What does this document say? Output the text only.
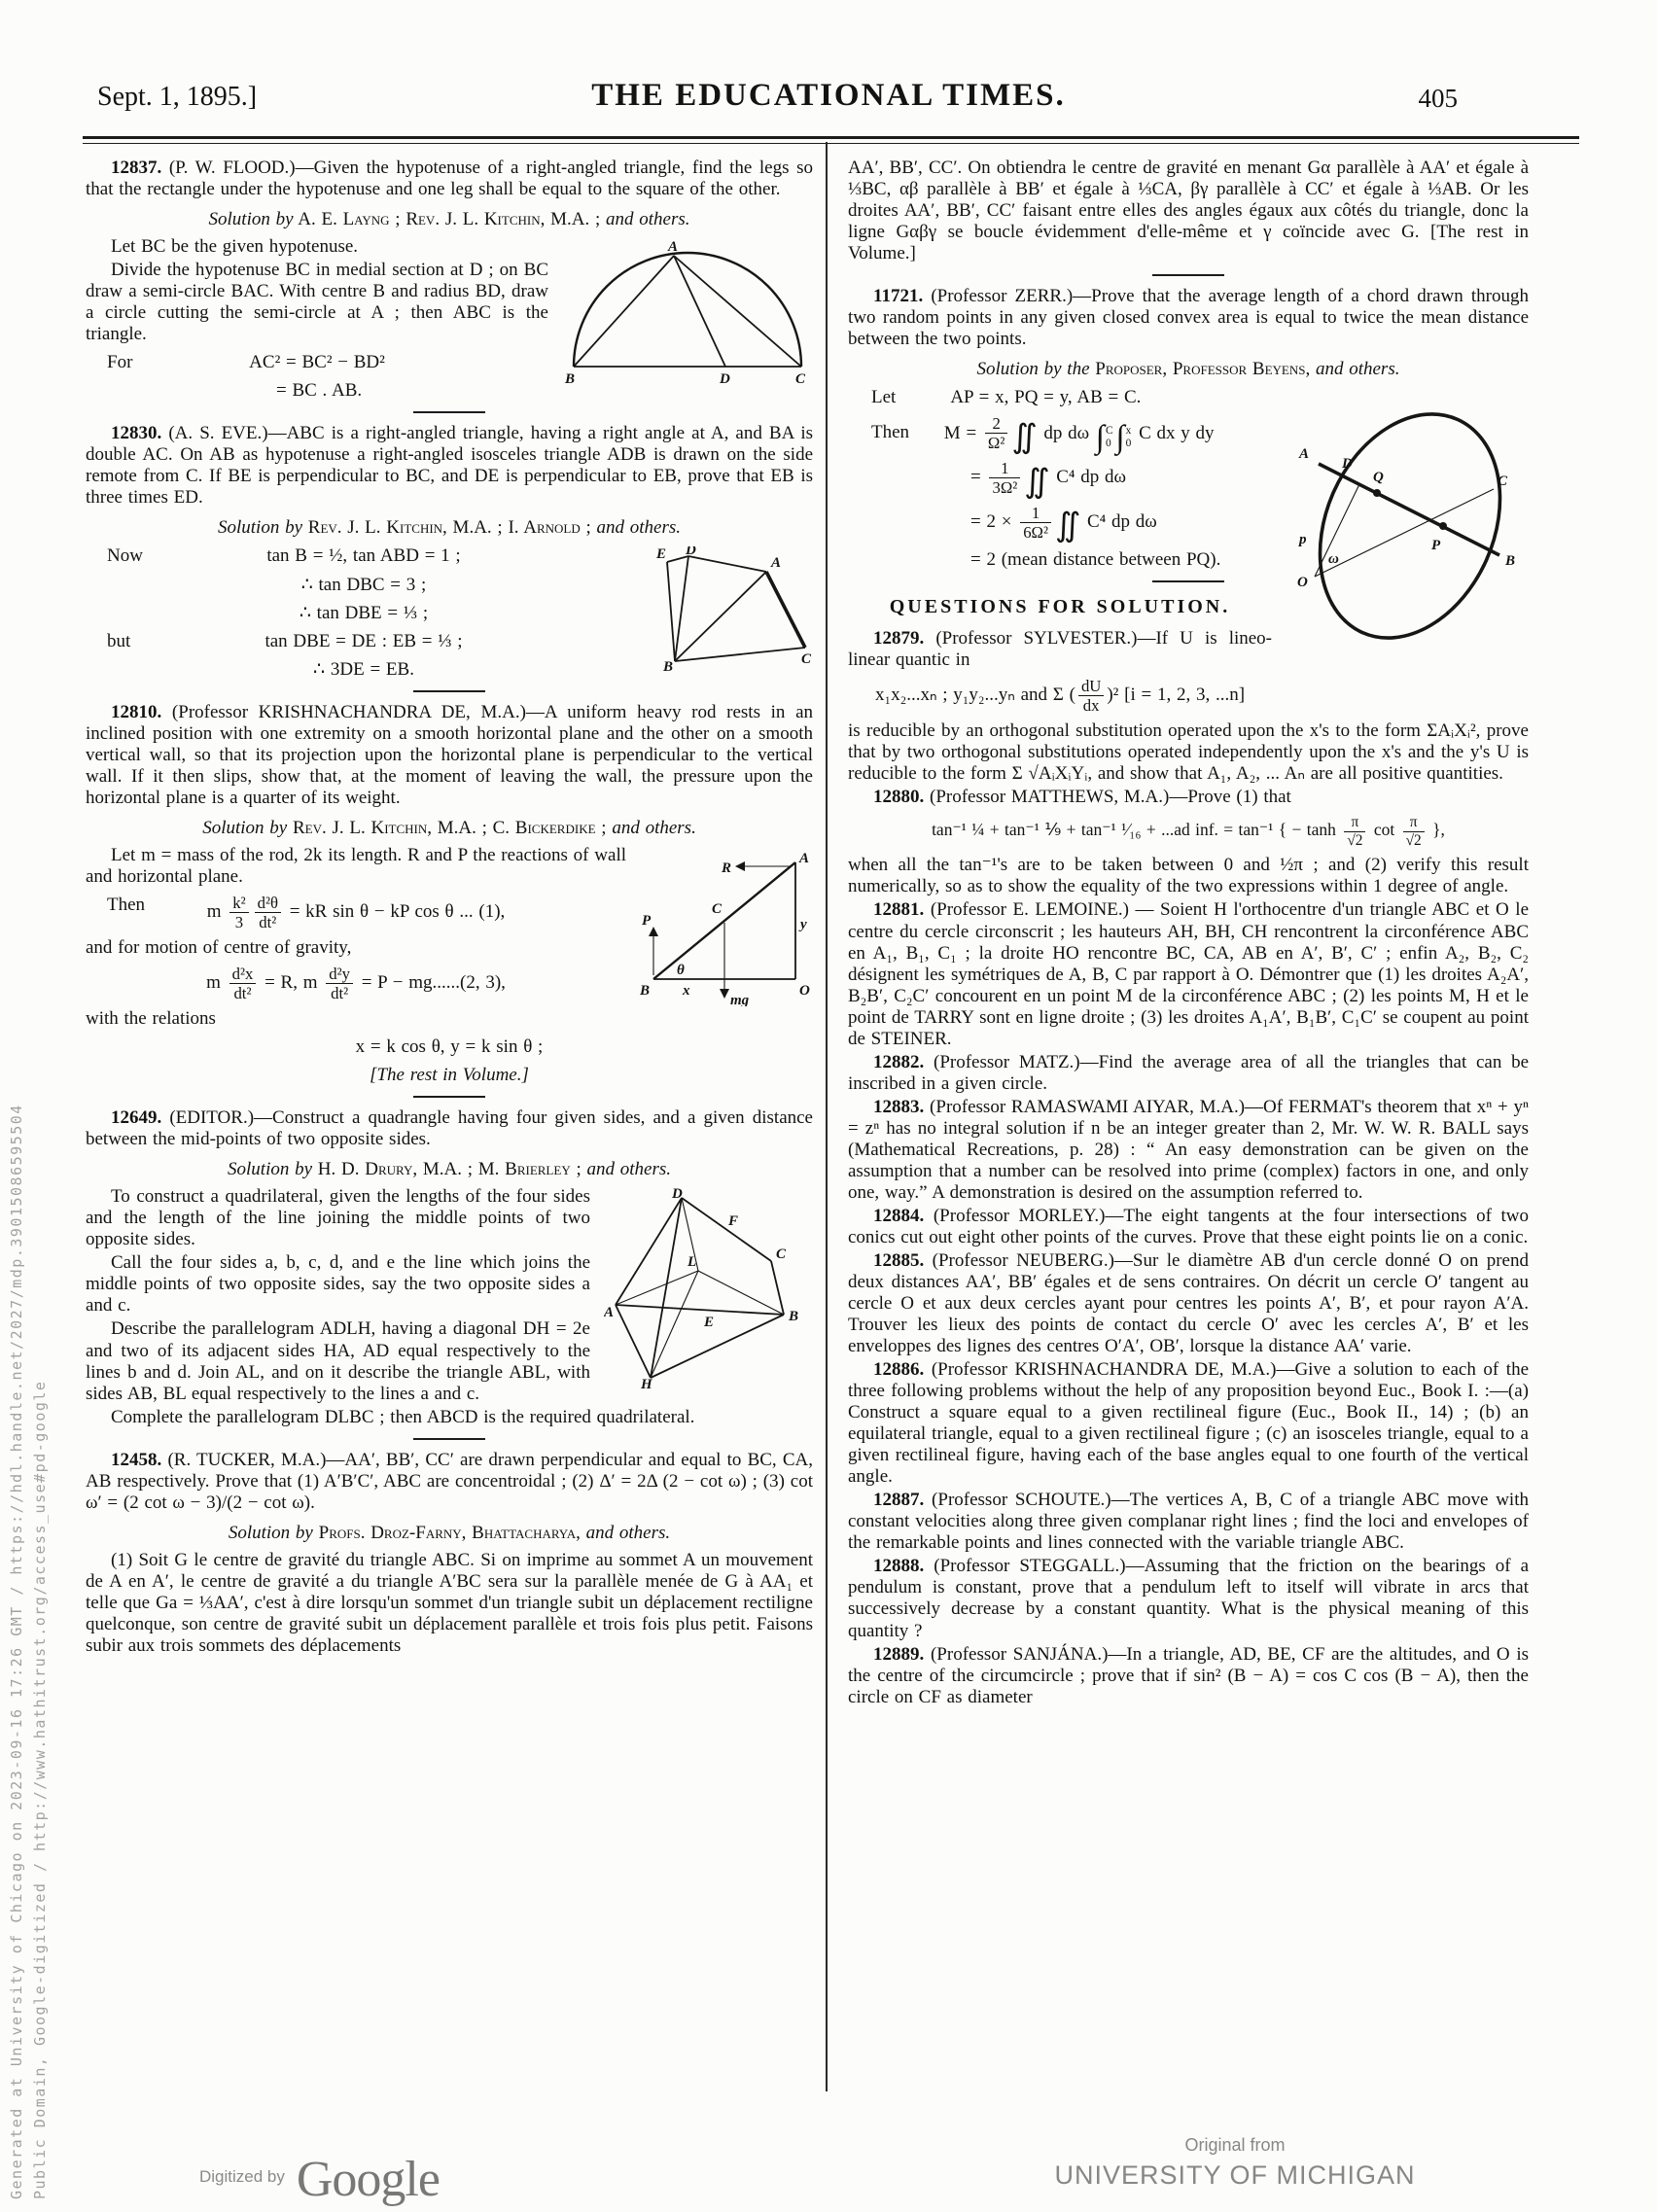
Generated at University of Chicago on 2023-09-16 17:26 GMT / https://hdl.handle.net/2027/mdp.39015086595504 Public Domain, Google-digitized / http://www.hathitrust.org/access_use#pd-google
Sept. 1, 1895.]	THE EDUCATIONAL TIMES.	405

12837. (P. W. FLOOD.)—Given the hypotenuse of a right-angled triangle, find the legs so that the rectangle under the hypotenuse and one leg shall be equal to the square of the other.

Solution by A. E. Layng ; Rev. J. L. Kitchin, M.A. ; and others.

A
B	D	C

Let BC be the given hypotenuse.

Divide the hypotenuse BC in medial section at D ; on BC draw a semi-circle BAC. With centre B and radius BD, draw a circle cutting the semi-circle at A ; then ABC is the triangle.

For	AC² = BC² − BD²
= BC . AB.

12830. (A. S. EVE.)—ABC is a right-angled triangle, having a right angle at A, and BA is double AC. On AB as hypotenuse a right-angled isosceles triangle ADB is drawn on the side remote from C. If BE is perpendicular to BC, and DE is perpendicular to EB, prove that EB is three times ED.

Solution by Rev. J. L. Kitchin, M.A. ; I. Arnold ; and others.

E D
A
B	C
Now	tan B = ½, tan ABD = 1 ;
∴ tan DBC = 3 ;
∴ tan DBE = ⅓ ;
but	tan DBE = DE : EB = ⅓ ;
∴ 3DE = EB.

12810. (Professor KRISHNACHANDRA DE, M.A.)—A uniform heavy rod rests in an inclined position with one extremity on a smooth horizontal plane and the other on a smooth vertical wall, so that its projection upon the horizontal plane is perpendicular to the vertical wall. If it then slips, show that, at the moment of leaving the wall, the pressure upon the horizontal plane is a quarter of its weight.

Solution by Rev. J. L. Kitchin, M.A. ; C. Bickerdike ; and others.

R
A
P
C
y
θ
B x
mg
O

Let m = mass of the rod, 2k its length. R and P the reactions of wall and horizontal plane.

Then	m $\frac{\text{k²}}{3} \frac{\text{d²θ}}{\text{dt²}}$ = kR sin θ − kP cos θ ... (1),

and for motion of centre of gravity,

m $\frac{\text{d²x}}{\text{dt²}} = R$, m $\frac{\text{d²y}}{\text{dt²}} = P - mg......(2$, 3),

with the relations

x = k cos θ, y = k sin θ ;

[The rest in Volume.]

12649. (EDITOR.)—Construct a quadrangle having four given sides, and a given distance between the mid-points of two opposite sides.

Solution by H. D. Drury, M.A. ; M. Brierley ; and others.

D
F
C
L
A
E	B
H

To construct a quadrilateral, given the lengths of the four sides and the length of the line joining the middle points of two opposite sides.

Call the four sides a, b, c, d, and e the line which joins the middle points of two opposite sides, say the two opposite sides a and c.

Describe the parallelogram ADLH, having a diagonal DH = 2e and two of its adjacent sides HA, AD equal respectively to the lines b and d. Join AL, and on it describe the triangle ABL, with sides AB, BL equal respectively to the lines a and c.

Complete the parallelogram DLBC ; then ABCD is the required quadrilateral.

12458. (R. TUCKER, M.A.)—AA′, BB′, CC′ are drawn perpendicular and equal to BC, CA, AB respectively. Prove that (1) A′B′C′, ABC are concentroidal ; (2) Δ′ = 2Δ (2 − cot ω) ; (3) cot ω′ = (2 cot ω − 3)/(2 − cot ω).

Solution by Profs. Droz-Farny, Bhattacharya, and others.

(1) Soit G le centre de gravité du triangle ABC. Si on imprime au sommet A un mouvement de A en A′, le centre de gravité a du triangle A′BC sera sur la parallèle menée de G à AA₁ et telle que Ga = ⅓AA′, c'est à dire lorsqu'un sommet d'un triangle subit un déplacement rectiligne quelconque, son centre de gravité subit un déplacement parallèle et trois fois plus petit. Faisons subir aux trois sommets des déplacements

AA′, BB′, CC′. On obtiendra le centre de gravité en menant Gα parallèle à AA′ et égale à ⅓BC, αβ parallèle à BB′ et égale à ⅓CA, βγ parallèle à CC′ et égale à ⅓AB. Or les droites AA′, BB′, CC′ faisant entre elles des angles égaux aux côtés du triangle, donc la ligne Gαβγ se boucle évidemment d'elle-même et γ coïncide avec G. [The rest in Volume.]

11721. (Professor ZERR.)—Prove that the average length of a chord drawn through two random points in any given closed convex area is equal to twice the mean distance between the two points.

Solution by the Proposer, Professor Beyens, and others.

A
D
Q	C
p
ω
O
P
B
Let	AP = x, PQ = y, AB = C.
Then $M = \frac{2}{\text{Ω²}}$ ∬ dp dω ∫ C
0 ∫ x
0
C dx y dy
= $\frac{1}{\text{3Ω²}}$ ∬ C⁴ dp dω
= $2 \times \frac{1}{\text{6Ω²}}$ ∬ C⁴ dp dω
= 2 (mean distance between PQ).

QUESTIONS FOR SOLUTION.

12879. (Professor SYLVESTER.)—If U is lineo-linear quantic in

x₁x₂...xₙ ; y₁y₂...yₙ and Σ ( $\frac{dU}{dx} )^2$ [i = 1, 2, 3, ...n]

is reducible by an orthogonal substitution operated upon the x's to the form ΣAᵢXᵢ², prove that by two orthogonal substitutions operated independently upon the x's and the y's U is reducible to the form Σ √AᵢXᵢYᵢ, and show that A₁, A₂, ... Aₙ are all positive quantities.

12880. (Professor MATTHEWS, M.A.)—Prove (1) that

tan⁻¹ ¼ + tan⁻¹ ⅑ + tan⁻¹ ¹⁄₁₆ + ...ad inf. = tan⁻¹ { − $\tanh \frac{\pi}{√2}$ $\cot \frac{\pi}{√2}$ },

when all the tan⁻¹'s are to be taken between 0 and ½π ; and (2) verify this result numerically, so as to show the equality of the two expressions within 1 degree of angle.

12881. (Professor E. LEMOINE.) — Soient H l'orthocentre d'un triangle ABC et O le centre du cercle circonscrit ; les hauteurs AH, BH, CH rencontrent la circonférence ABC en A₁, B₁, C₁ ; la droite HO rencontre BC, CA, AB en A′, B′, C′ ; enfin A₂, B₂, C₂ désignent les symétriques de A, B, C par rapport à O. Démontrer que (1) les droites A₂A′, B₂B′, C₂C′ concourent en un point M de la circonférence ABC ; (2) les points M, H et le point de TARRY sont en ligne droite ; (3) les droites A₁A′, B₁B′, C₁C′ se coupent au point de STEINER.

12882. (Professor MATZ.)—Find the average area of all the triangles that can be inscribed in a given circle.

12883. (Professor RAMASWAMI AIYAR, M.A.)—Of FERMAT's theorem that xⁿ + yⁿ = zⁿ has no integral solution if n be an integer greater than 2, Mr. W. W. R. BALL says (Mathematical Recreations, p. 28) : “ An easy demonstration can be given on the assumption that a number can be resolved into prime (complex) factors in one, and only one, way.” A demonstration is desired on the assumption referred to.

12884. (Professor MORLEY.)—The eight tangents at the four intersections of two conics cut out eight other points of the curves. Prove that these eight points lie on a conic.

12885. (Professor NEUBERG.)—Sur le diamètre AB d'un cercle donné O on prend deux distances AA′, BB′ égales et de sens contraires. On décrit un cercle O′ tangent au cercle O et aux deux cercles ayant pour centres les points A′, B′, et pour rayon A′A. Trouver les lieux des points de contact du cercle O′ avec les cercles A′, B′ et les enveloppes des lignes des centres O′A′, OB′, lorsque la distance AA′ varie.

12886. (Professor KRISHNACHANDRA DE, M.A.)—Give a solution to each of the three following problems without the help of any proposition beyond Euc., Book I. :—(a) Construct a square equal to a given rectilineal figure (Euc., Book II., 14) ; (b) an equilateral triangle, equal to a given rectilineal figure ; (c) an isosceles triangle, equal to a given rectilineal figure, having each of the base angles equal to one fourth of the vertical angle.

12887. (Professor SCHOUTE.)—The vertices A, B, C of a triangle ABC move with constant velocities along three given complanar right lines ; find the loci and envelopes of the remarkable points and lines connected with the variable triangle ABC.

12888. (Professor STEGGALL.)—Assuming that the friction on the bearings of a pendulum is constant, prove that a pendulum left to itself will vibrate in arcs that successively decrease by a constant quantity. What is the physical meaning of this quantity ?

12889. (Professor SANJÁNA.)—In a triangle, AD, BE, CF are the altitudes, and O is the centre of the circumcircle ; prove that if sin² (B − A) = cos C cos (B − A), then the circle on CF as diameter

Digitized by Google
Original from
UNIVERSITY OF MICHIGAN
